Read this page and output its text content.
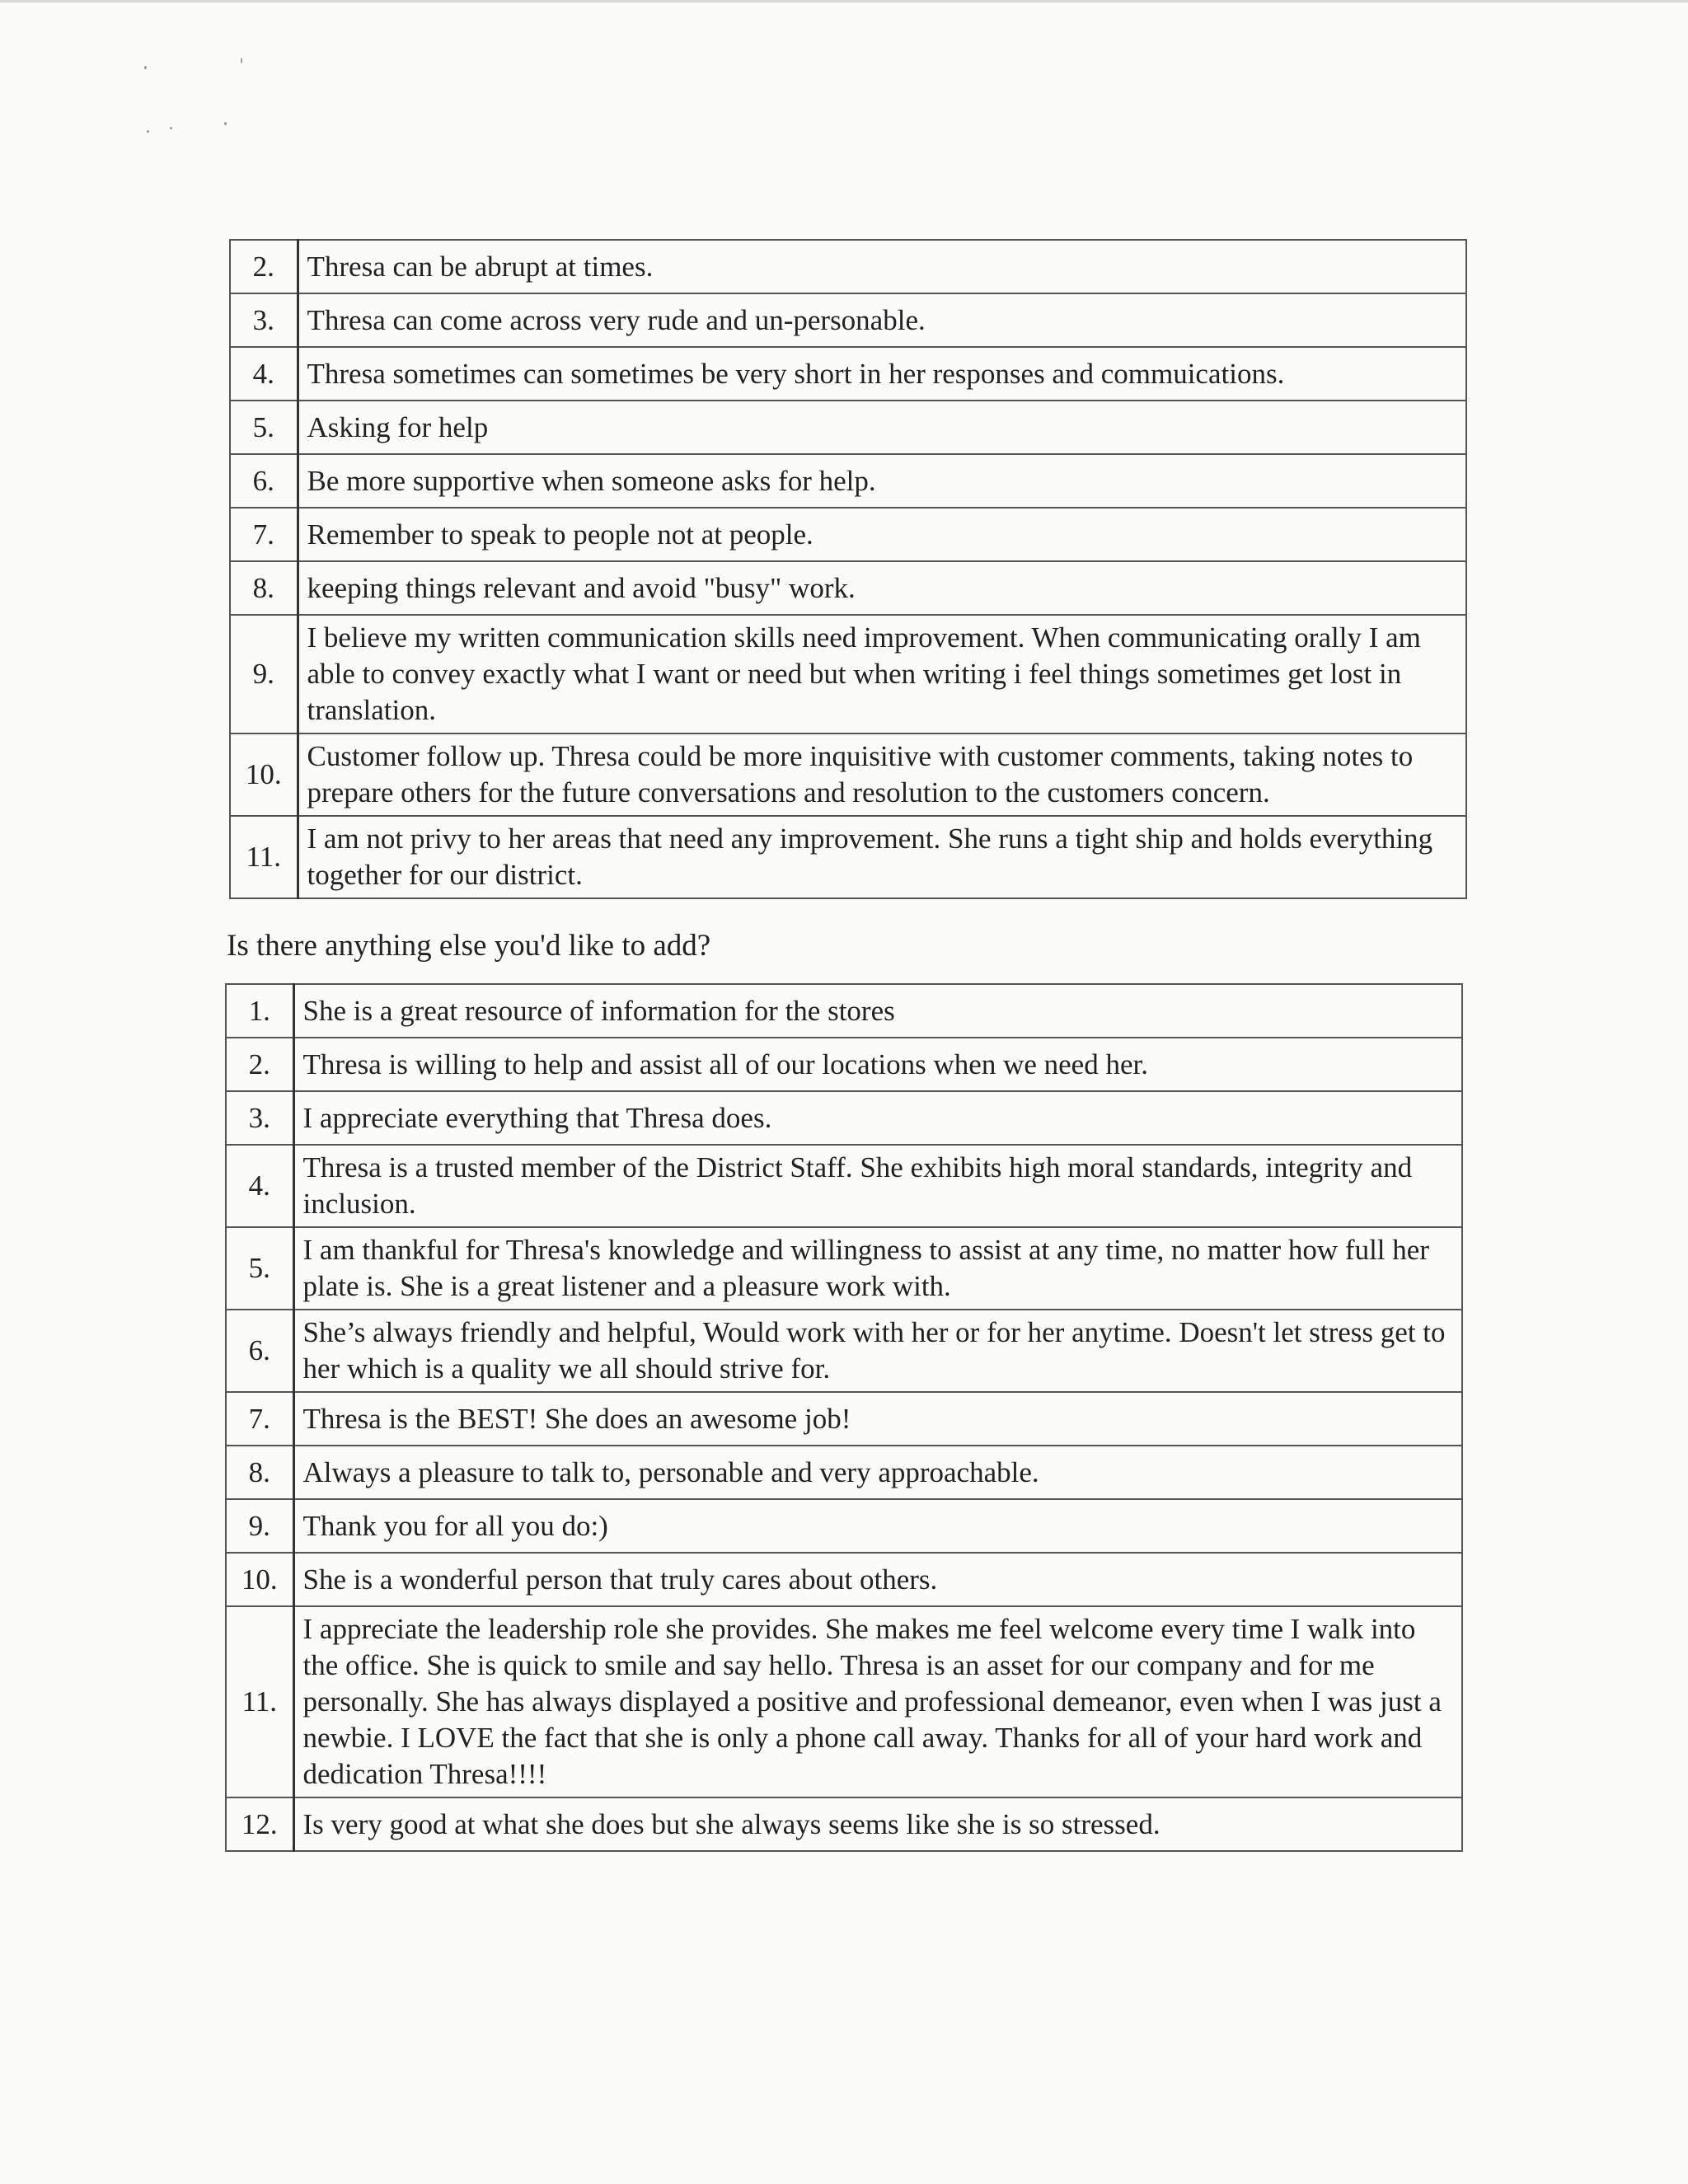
2.	Thresa can be abrupt at times.
3.	Thresa can come across very rude and un-personable.
4.	Thresa sometimes can sometimes be very short in her responses and commuications.
5.	Asking for help
6.	Be more supportive when someone asks for help.
7.	Remember to speak to people not at people.
8.	keeping things relevant and avoid "busy" work.
9.	I believe my written communication skills need improvement. When communicating orally I am able to convey exactly what I want or need but when writing i feel things sometimes get lost in translation.
10.	Customer follow up. Thresa could be more inquisitive with customer comments, taking notes to prepare others for the future conversations and resolution to the customers concern.
11.	I am not privy to her areas that need any improvement. She runs a tight ship and holds everything together for our district.

Is there anything else you'd like to add?

1.	She is a great resource of information for the stores
2.	Thresa is willing to help and assist all of our locations when we need her.
3.	I appreciate everything that Thresa does.
4.	Thresa is a trusted member of the District Staff. She exhibits high moral standards, integrity and inclusion.
5.	I am thankful for Thresa's knowledge and willingness to assist at any time, no matter how full her plate is. She is a great listener and a pleasure work with.
6.	She’s always friendly and helpful, Would work with her or for her anytime. Doesn't let stress get to her which is a quality we all should strive for.
7.	Thresa is the BEST! She does an awesome job!
8.	Always a pleasure to talk to, personable and very approachable.
9.	Thank you for all you do:)
10.	She is a wonderful person that truly cares about others.
11.	I appreciate the leadership role she provides. She makes me feel welcome every time I walk into the office. She is quick to smile and say hello. Thresa is an asset for our company and for me personally. She has always displayed a positive and professional demeanor, even when I was just a newbie. I LOVE the fact that she is only a phone call away. Thanks for all of your hard work and dedication Thresa!!!!
12.	Is very good at what she does but she always seems like she is so stressed.
